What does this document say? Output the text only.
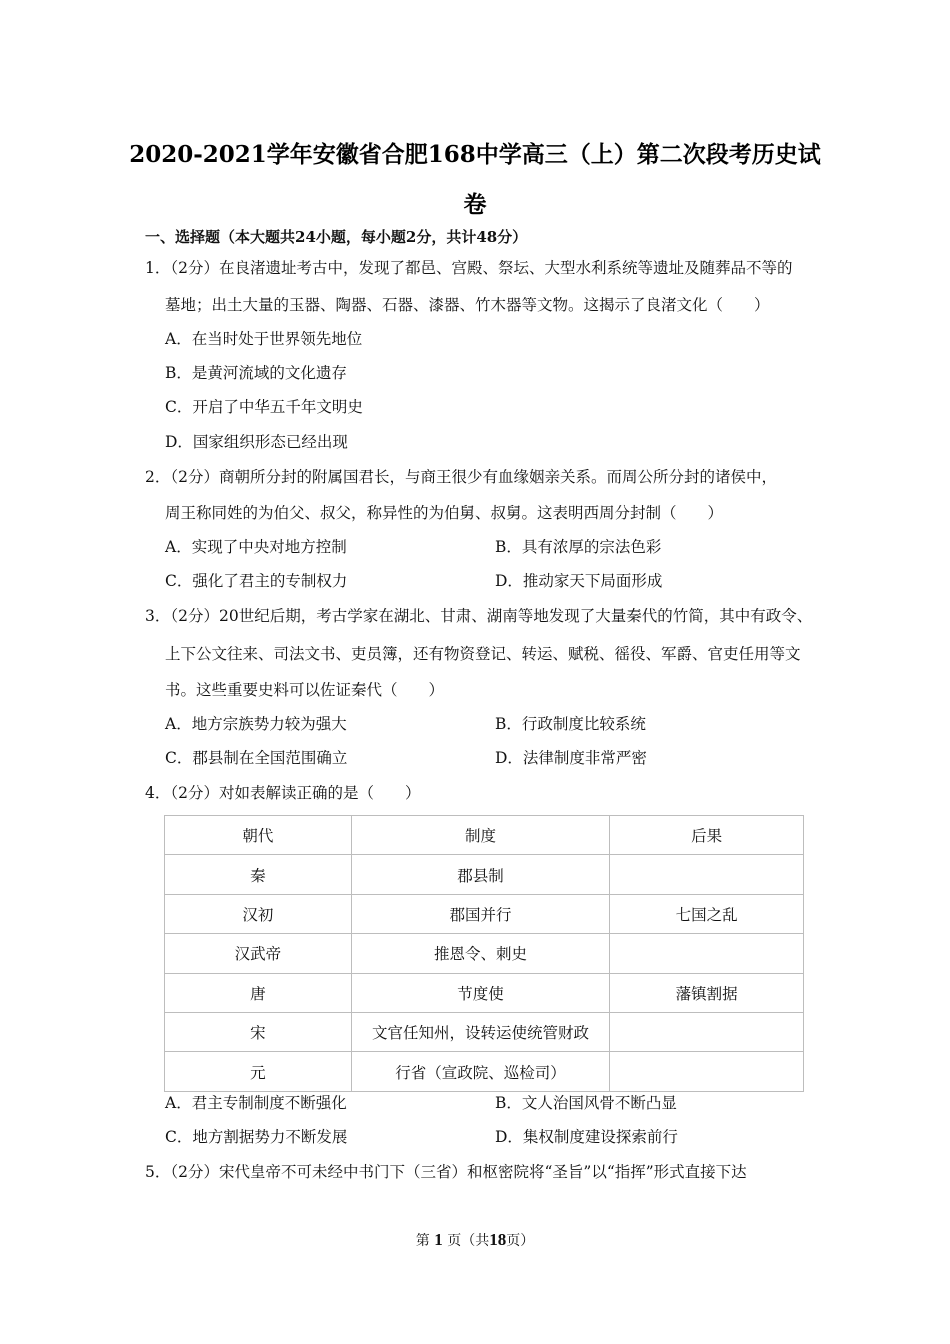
2020-2021学年安徽省合肥168中学高三（上）第二次段考历史试
卷
一、选择题（本大题共24小题，每小题2分，共计48分）
1．（2分）在良渚遗址考古中，发现了都邑、宫殿、祭坛、大型水利系统等遗址及随葬品不等的
墓地；出土大量的玉器、陶器、石器、漆器、竹木器等文物。这揭示了良渚文化（　　）
A．在当时处于世界领先地位
B．是黄河流域的文化遗存
C．开启了中华五千年文明史
D．国家组织形态已经出现
2．（2分）商朝所分封的附属国君长，与商王很少有血缘姻亲关系。而周公所分封的诸侯中，
周王称同姓的为伯父、叔父，称异性的为伯舅、叔舅。这表明西周分封制（　　）
A．实现了中央对地方控制	B．具有浓厚的宗法色彩
C．强化了君主的专制权力	D．推动家天下局面形成
3．（2分）20世纪后期，考古学家在湖北、甘肃、湖南等地发现了大量秦代的竹简，其中有政令、
上下公文往来、司法文书、吏员簿，还有物资登记、转运、赋税、徭役、军爵、官吏任用等文
书。这些重要史料可以佐证秦代（　　）
A．地方宗族势力较为强大	B．行政制度比较系统
C．郡县制在全国范围确立	D．法律制度非常严密
4．（2分）对如表解读正确的是（　　）
朝代	制度	后果
秦	郡县制	
汉初	郡国并行	七国之乱
汉武帝	推恩令、刺史	
唐	节度使	藩镇割据
宋	文官任知州，设转运使统管财政	
元	行省（宣政院、巡检司）	
A．君主专制制度不断强化	B．文人治国风骨不断凸显
C．地方割据势力不断发展	D．集权制度建设探索前行
5．（2分）宋代皇帝不可未经中书门下（三省）和枢密院将“圣旨”以“指挥”形式直接下达
第 1 页（共18页）
